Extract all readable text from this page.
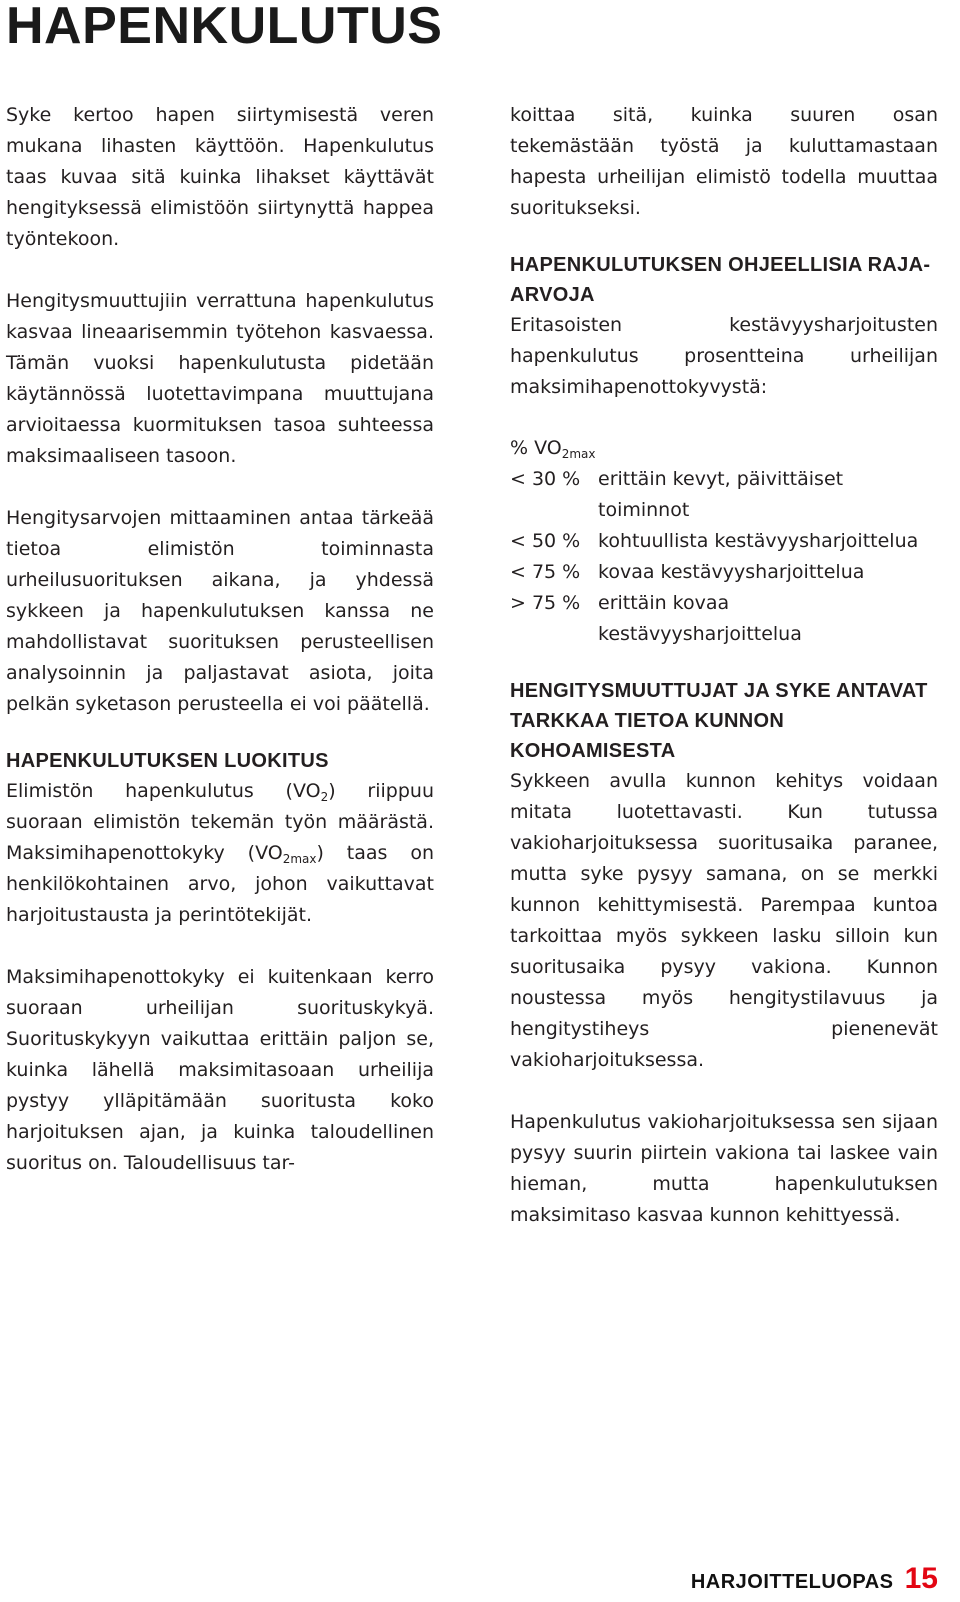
HAPENKULUTUS

Syke kertoo hapen siirtymisestä veren mukana lihasten käyttöön. Hapenkulutus taas kuvaa sitä kuinka lihakset käyttävät hengityksessä elimistöön siirtynyttä happea työntekoon.

Hengitysmuuttujiin verrattuna hapenkulutus kasvaa lineaarisemmin työtehon kasvaessa. Tämän vuoksi hapenkulutusta pidetään käytännössä luotettavimpana muuttujana arvioitaessa kuormituksen tasoa suhteessa maksimaaliseen tasoon.

Hengitysarvojen mittaaminen antaa tärkeää tietoa elimistön toiminnasta urheilusuorituksen aikana, ja yhdessä sykkeen ja hapenkulutuksen kanssa ne mahdollistavat suorituksen perusteellisen analysoinnin ja paljastavat asiota, joita pelkän syketason perusteella ei voi päätellä.

HAPENKULUTUKSEN LUOKITUS

Elimistön hapenkulutus $(VO_2)$ riippuu suoraan elimistön tekemän työn määrästä. Maksimihapenottokyky $(VO_{2max})$ taas on henkilökohtainen arvo, johon vaikuttavat harjoitustausta ja perintötekijät.

Maksimihapenottokyky ei kuitenkaan kerro suoraan urheilijan suorituskykyä. Suorituskykyyn vaikuttaa erittäin paljon se, kuinka lähellä maksimitasoaan urheilija pystyy ylläpitämään suoritusta koko harjoituksen ajan, ja kuinka taloudellinen suoritus on. Taloudellisuus tar-

koittaa sitä, kuinka suuren osan tekemästään työstä ja kuluttamastaan hapesta urheilijan elimistö todella muuttaa suoritukseksi.

HAPENKULUTUKSEN OHJEELLISIA RAJA-ARVOJA

Eritasoisten kestävyysharjoitusten hapenkulutus prosentteina urheilijan maksimihapenottokyvystä:

% $VO_{2max}$
< 30 % erittäin kevyt, päivittäiset toiminnot
< 50 % kohtuullista kestävyysharjoittelua
< 75 % kovaa kestävyysharjoittelua
> 75 % erittäin kovaa kestävyysharjoittelua
HENGITYSMUUTTUJAT JA SYKE ANTAVAT TARKKAA TIETOA KUNNON KOHOAMISESTA

Sykkeen avulla kunnon kehitys voidaan mitata luotettavasti. Kun tutussa vakioharjoituksessa suoritusaika paranee, mutta syke pysyy samana, on se merkki kunnon kehittymisestä. Parempaa kuntoa tarkoittaa myös sykkeen lasku silloin kun suoritusaika pysyy vakiona. Kunnon noustessa myös hengitystilavuus ja hengitystiheys pienenevät vakioharjoituksessa.

Hapenkulutus vakioharjoituksessa sen sijaan pysyy suurin piirtein vakiona tai laskee vain hieman, mutta hapenkulutuksen maksimitaso kasvaa kunnon kehittyessä.

HARJOITTELUOPAS 15
